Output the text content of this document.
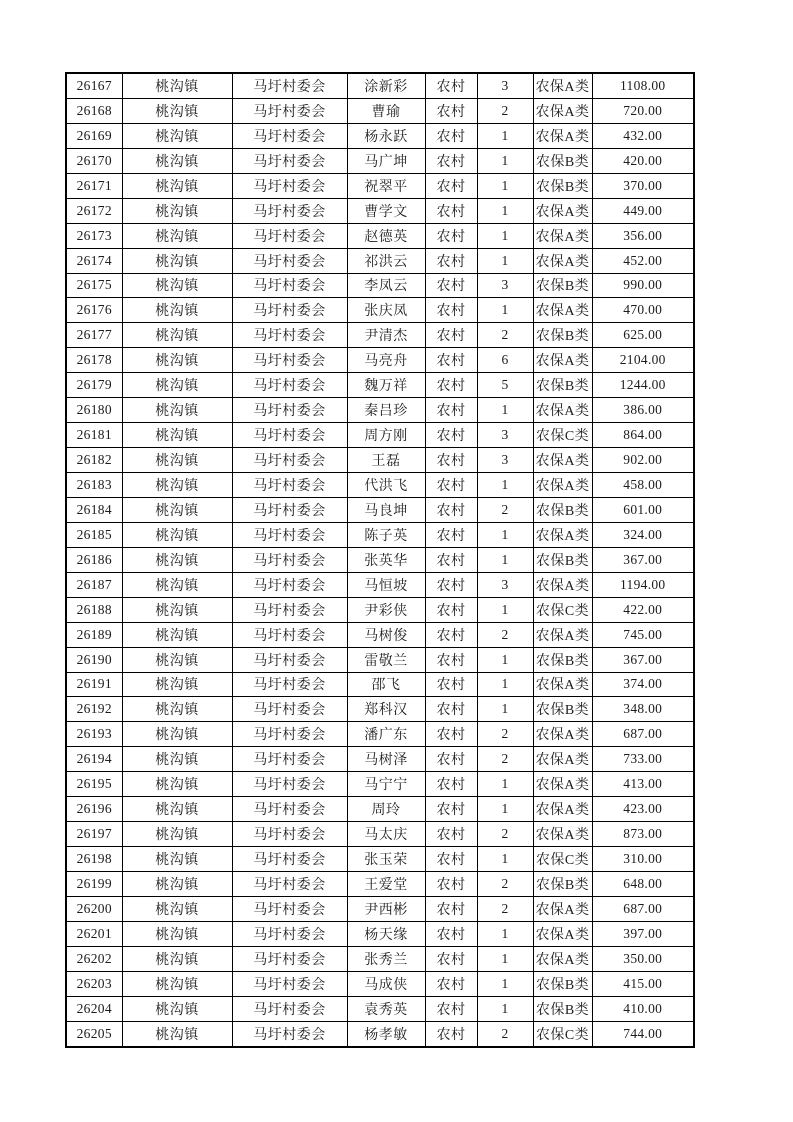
26167	桃沟镇	马圩村委会	涂新彩	农村	3	农保A类	1108.00
26168	桃沟镇	马圩村委会	曹瑜	农村	2	农保A类	720.00
26169	桃沟镇	马圩村委会	杨永跃	农村	1	农保A类	432.00
26170	桃沟镇	马圩村委会	马广坤	农村	1	农保B类	420.00
26171	桃沟镇	马圩村委会	祝翠平	农村	1	农保B类	370.00
26172	桃沟镇	马圩村委会	曹学文	农村	1	农保A类	449.00
26173	桃沟镇	马圩村委会	赵德英	农村	1	农保A类	356.00
26174	桃沟镇	马圩村委会	祁洪云	农村	1	农保A类	452.00
26175	桃沟镇	马圩村委会	李凤云	农村	3	农保B类	990.00
26176	桃沟镇	马圩村委会	张庆凤	农村	1	农保A类	470.00
26177	桃沟镇	马圩村委会	尹清杰	农村	2	农保B类	625.00
26178	桃沟镇	马圩村委会	马亮舟	农村	6	农保A类	2104.00
26179	桃沟镇	马圩村委会	魏万祥	农村	5	农保B类	1244.00
26180	桃沟镇	马圩村委会	秦吕珍	农村	1	农保A类	386.00
26181	桃沟镇	马圩村委会	周方刚	农村	3	农保C类	864.00
26182	桃沟镇	马圩村委会	王磊	农村	3	农保A类	902.00
26183	桃沟镇	马圩村委会	代洪飞	农村	1	农保A类	458.00
26184	桃沟镇	马圩村委会	马良坤	农村	2	农保B类	601.00
26185	桃沟镇	马圩村委会	陈子英	农村	1	农保A类	324.00
26186	桃沟镇	马圩村委会	张英华	农村	1	农保B类	367.00
26187	桃沟镇	马圩村委会	马恒坡	农村	3	农保A类	1194.00
26188	桃沟镇	马圩村委会	尹彩侠	农村	1	农保C类	422.00
26189	桃沟镇	马圩村委会	马树俊	农村	2	农保A类	745.00
26190	桃沟镇	马圩村委会	雷敬兰	农村	1	农保B类	367.00
26191	桃沟镇	马圩村委会	邵飞	农村	1	农保A类	374.00
26192	桃沟镇	马圩村委会	郑科汉	农村	1	农保B类	348.00
26193	桃沟镇	马圩村委会	潘广东	农村	2	农保A类	687.00
26194	桃沟镇	马圩村委会	马树泽	农村	2	农保A类	733.00
26195	桃沟镇	马圩村委会	马宁宁	农村	1	农保A类	413.00
26196	桃沟镇	马圩村委会	周玲	农村	1	农保A类	423.00
26197	桃沟镇	马圩村委会	马太庆	农村	2	农保A类	873.00
26198	桃沟镇	马圩村委会	张玉荣	农村	1	农保C类	310.00
26199	桃沟镇	马圩村委会	王爱堂	农村	2	农保B类	648.00
26200	桃沟镇	马圩村委会	尹西彬	农村	2	农保A类	687.00
26201	桃沟镇	马圩村委会	杨天缘	农村	1	农保A类	397.00
26202	桃沟镇	马圩村委会	张秀兰	农村	1	农保A类	350.00
26203	桃沟镇	马圩村委会	马成侠	农村	1	农保B类	415.00
26204	桃沟镇	马圩村委会	袁秀英	农村	1	农保B类	410.00
26205	桃沟镇	马圩村委会	杨孝敏	农村	2	农保C类	744.00
